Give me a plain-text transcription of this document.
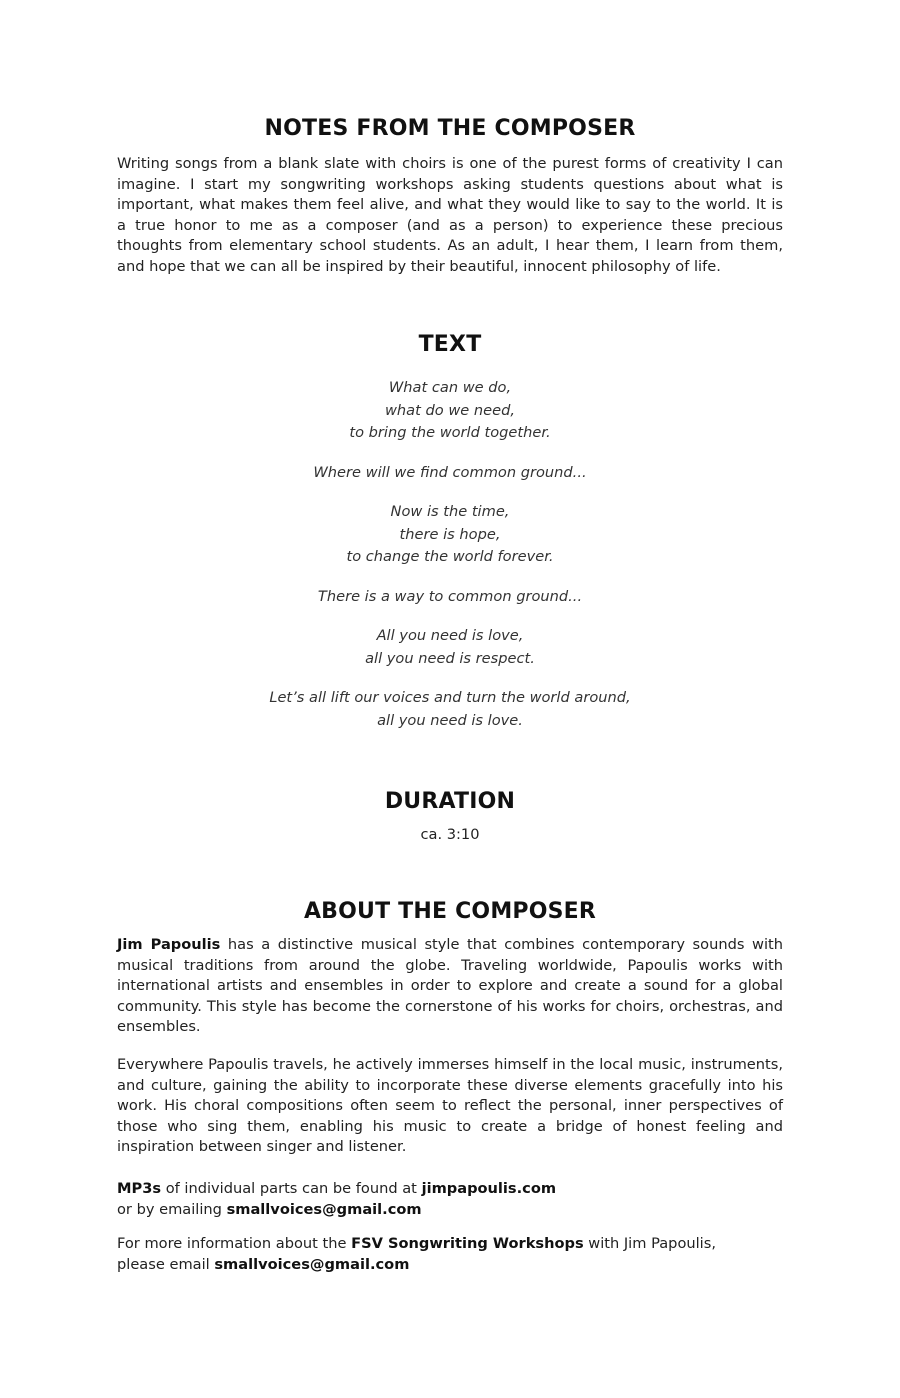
NOTES FROM THE COMPOSER

Writing songs from a blank slate with choirs is one of the purest forms of creativity I can imagine. I start my songwriting workshops asking students questions about what is important, what makes them feel alive, and what they would like to say to the world. It is a true honor to me as a composer (and as a person) to experience these precious thoughts from elementary school students. As an adult, I hear them, I learn from them, and hope that we can all be inspired by their beautiful, innocent philosophy of life.

TEXT
What can we do,
what do we need,
to bring the world together.
Where will we find common ground...
Now is the time,
there is hope,
to change the world forever.
There is a way to common ground...
All you need is love,
all you need is respect.
Let’s all lift our voices and turn the world around,
all you need is love.
DURATION
ca. 3:10
ABOUT THE COMPOSER

Jim Papoulis has a distinctive musical style that combines contemporary sounds with musical traditions from around the globe. Traveling worldwide, Papoulis works with international artists and ensembles in order to explore and create a sound for a global community. This style has become the cornerstone of his works for choirs, orchestras, and ensembles.

Everywhere Papoulis travels, he actively immerses himself in the local music, instruments, and culture, gaining the ability to incorporate these diverse elements gracefully into his work. His choral compositions often seem to reflect the personal, inner perspectives of those who sing them, enabling his music to create a bridge of honest feeling and inspiration between singer and listener.

MP3s of individual parts can be found at jimpapoulis.com
or by emailing smallvoices@gmail.com
For more information about the FSV Songwriting Workshops with Jim Papoulis,
please email smallvoices@gmail.com
